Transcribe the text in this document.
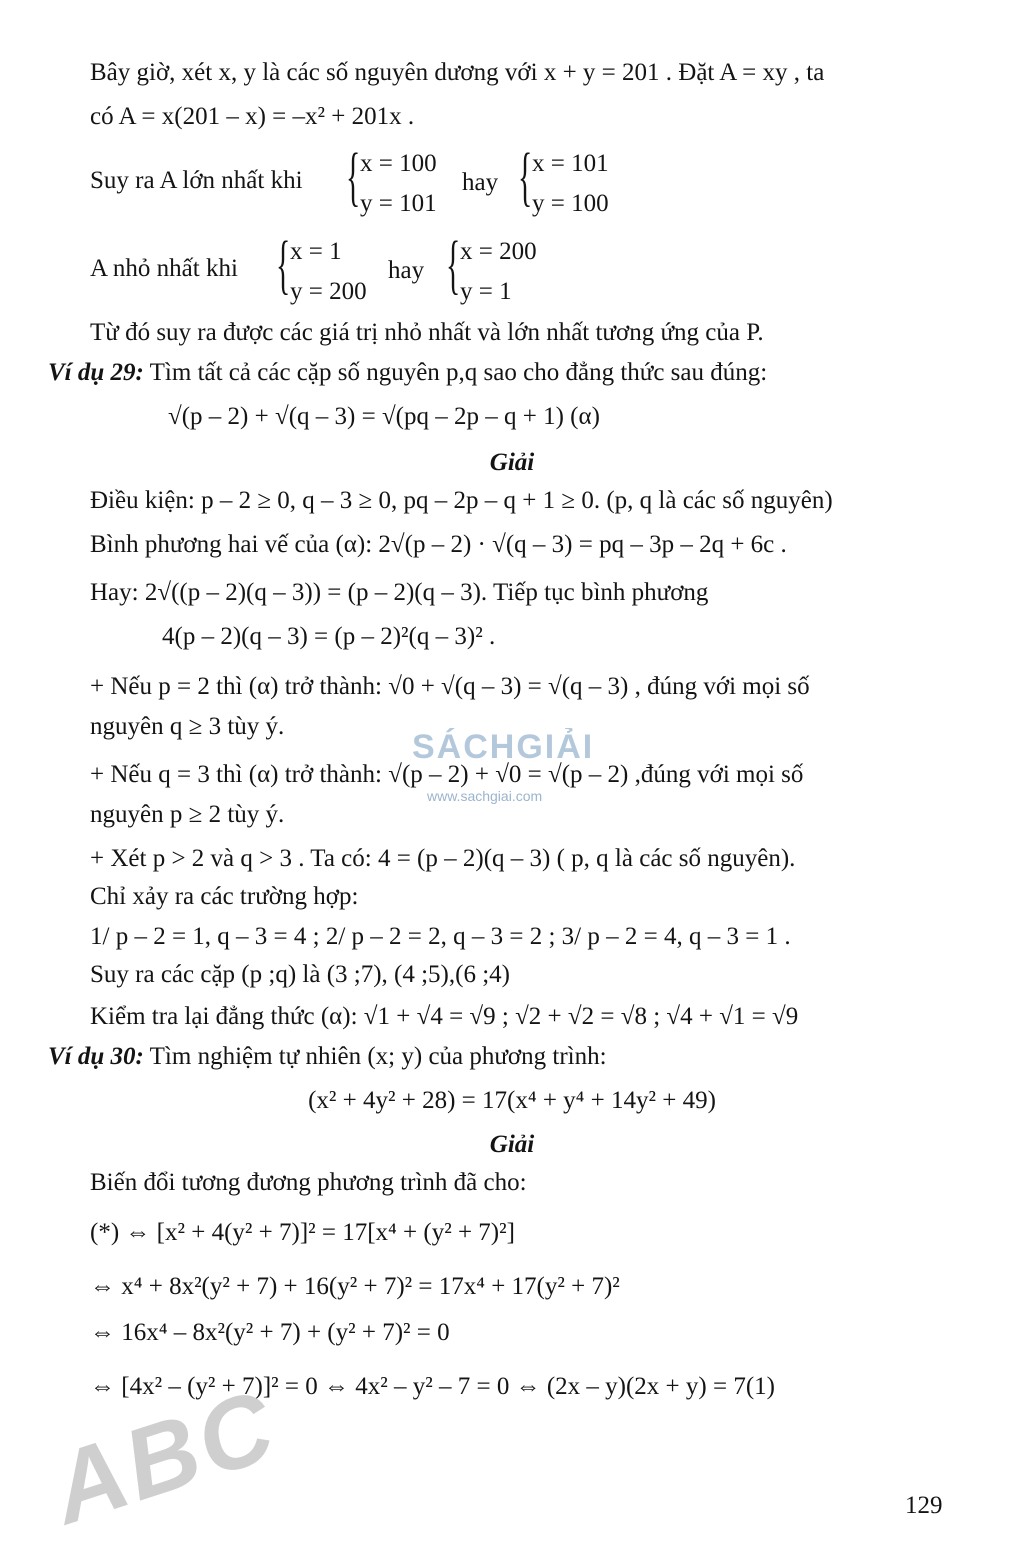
Bây giờ, xét x, y là các số nguyên dương với x + y = 201 . Đặt A = xy , ta
có A = x(201 – x) = –x² + 201x .
Suy ra A lớn nhất khi { x = 100
y = 101
hay { x = 101
y = 100
A nhỏ nhất khi { x = 1
y = 200
hay { x = 200
y = 1
Từ đó suy ra được các giá trị nhỏ nhất và lớn nhất tương ứng của P.
Ví dụ 29: Tìm tất cả các cặp số nguyên p,q sao cho đẳng thức sau đúng:
√(p – 2) + √(q – 3) = √(pq – 2p – q + 1) (α)
Giải
Điều kiện: p – 2 ≥ 0, q – 3 ≥ 0, pq – 2p – q + 1 ≥ 0. (p, q là các số nguyên)
Bình phương hai vế của (α): 2√(p – 2) · √(q – 3) = pq – 3p – 2q + 6c .
Hay: 2√((p – 2)(q – 3)) = (p – 2)(q – 3). Tiếp tục bình phương
4(p – 2)(q – 3) = (p – 2)²(q – 3)² .
+ Nếu p = 2 thì (α) trở thành: √0 + √(q – 3) = √(q – 3) , đúng với mọi số
nguyên q ≥ 3 tùy ý.
+ Nếu q = 3 thì (α) trở thành: √(p – 2) + √0 = √(p – 2) ,đúng với mọi số
nguyên p ≥ 2 tùy ý.
+ Xét p > 2 và q > 3 . Ta có: 4 = (p – 2)(q – 3) ( p, q là các số nguyên).
Chỉ xảy ra các trường hợp:
1/ p – 2 = 1, q – 3 = 4 ; 2/ p – 2 = 2, q – 3 = 2 ; 3/ p – 2 = 4, q – 3 = 1 .
Suy ra các cặp (p ;q) là (3 ;7), (4 ;5),(6 ;4)
Kiểm tra lại đẳng thức (α): √1 + √4 = √9 ; √2 + √2 = √8 ; √4 + √1 = √9
Ví dụ 30: Tìm nghiệm tự nhiên (x; y) của phương trình:
(x² + 4y² + 28) = 17(x⁴ + y⁴ + 14y² + 49)
Giải
Biến đổi tương đương phương trình đã cho:
(*) ⇔ [x² + 4(y² + 7)]² = 17[x⁴ + (y² + 7)²]
⇔ x⁴ + 8x²(y² + 7) + 16(y² + 7)² = 17x⁴ + 17(y² + 7)²
⇔ 16x⁴ – 8x²(y² + 7) + (y² + 7)² = 0
⇔ [4x² – (y² + 7)]² = 0 ⇔ 4x² – y² – 7 = 0 ⇔ (2x – y)(2x + y) = 7(1)
SÁCHGIẢI
www.sachgiai.com
ABC	129
